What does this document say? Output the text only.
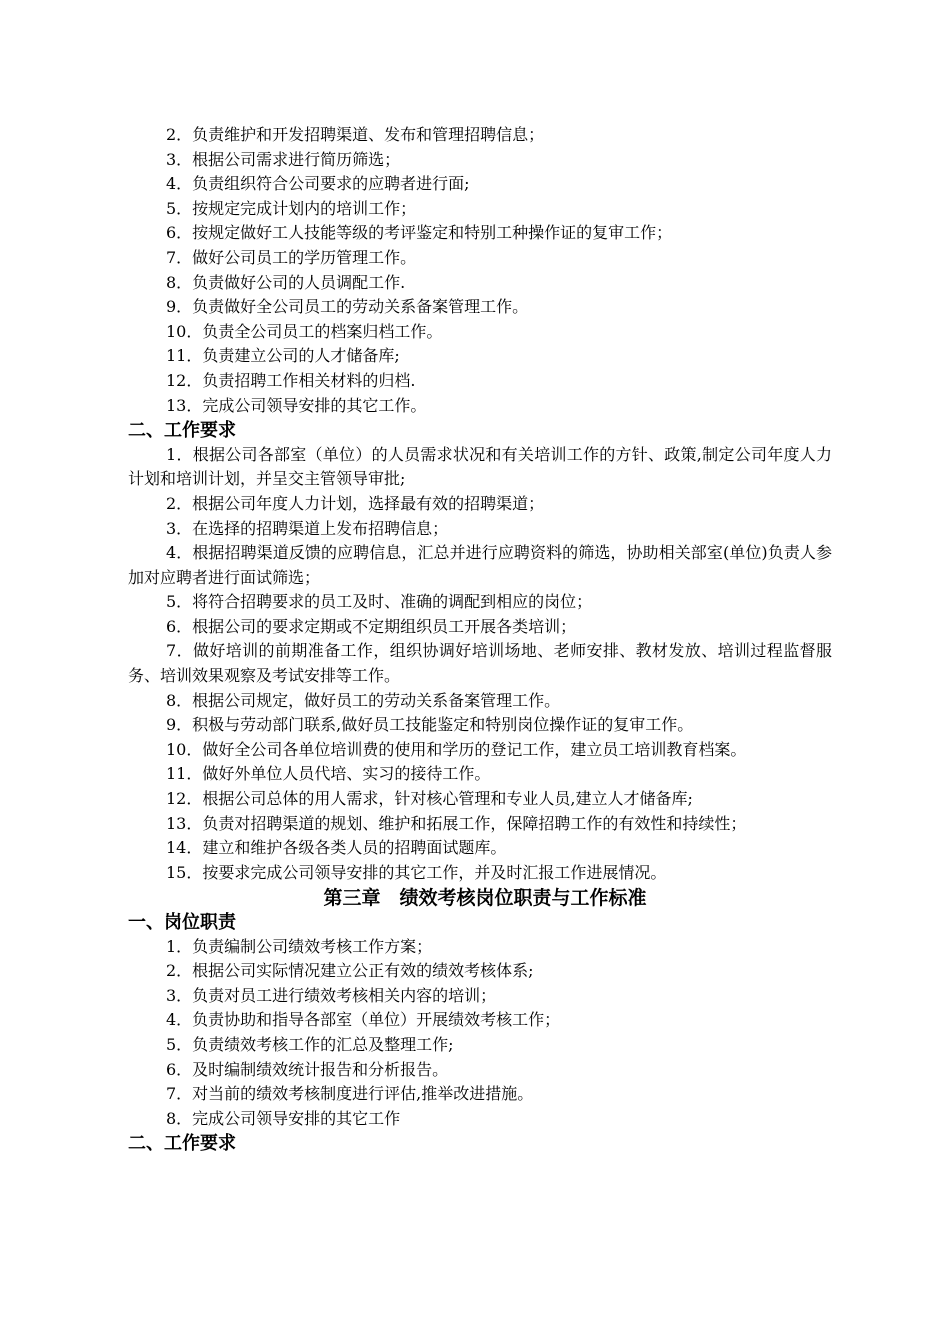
2．负责维护和开发招聘渠道、发布和管理招聘信息；
3．根据公司需求进行简历筛选；
4．负责组织符合公司要求的应聘者进行面;
5．按规定完成计划内的培训工作；
6．按规定做好工人技能等级的考评鉴定和特别工种操作证的复审工作；
7．做好公司员工的学历管理工作。
8．负责做好公司的人员调配工作.
9．负责做好全公司员工的劳动关系备案管理工作。
10．负责全公司员工的档案归档工作。
11．负责建立公司的人才储备库;
12．负责招聘工作相关材料的归档.
13．完成公司领导安排的其它工作。
二、工作要求
1．根据公司各部室（单位）的人员需求状况和有关培训工作的方针、政策,制定公司年度人力计划和培训计划，并呈交主管领导审批;
2．根据公司年度人力计划，选择最有效的招聘渠道；
3．在选择的招聘渠道上发布招聘信息；
4．根据招聘渠道反馈的应聘信息，汇总并进行应聘资料的筛选，协助相关部室(单位)负责人参加对应聘者进行面试筛选；
5．将符合招聘要求的员工及时、准确的调配到相应的岗位；
6．根据公司的要求定期或不定期组织员工开展各类培训；
7．做好培训的前期准备工作，组织协调好培训场地、老师安排、教材发放、培训过程监督服务、培训效果观察及考试安排等工作。
8．根据公司规定，做好员工的劳动关系备案管理工作。
9．积极与劳动部门联系,做好员工技能鉴定和特别岗位操作证的复审工作。
10．做好全公司各单位培训费的使用和学历的登记工作，建立员工培训教育档案。
11．做好外单位人员代培、实习的接待工作。
12．根据公司总体的用人需求，针对核心管理和专业人员,建立人才储备库;
13．负责对招聘渠道的规划、维护和拓展工作，保障招聘工作的有效性和持续性；
14．建立和维护各级各类人员的招聘面试题库。
15．按要求完成公司领导安排的其它工作，并及时汇报工作进展情况。
第三章　绩效考核岗位职责与工作标准
一、岗位职责
1．负责编制公司绩效考核工作方案；
2．根据公司实际情况建立公正有效的绩效考核体系;
3．负责对员工进行绩效考核相关内容的培训；
4．负责协助和指导各部室（单位）开展绩效考核工作；
5．负责绩效考核工作的汇总及整理工作;
6．及时编制绩效统计报告和分析报告。
7．对当前的绩效考核制度进行评估,推举改进措施。
8．完成公司领导安排的其它工作
二、工作要求
